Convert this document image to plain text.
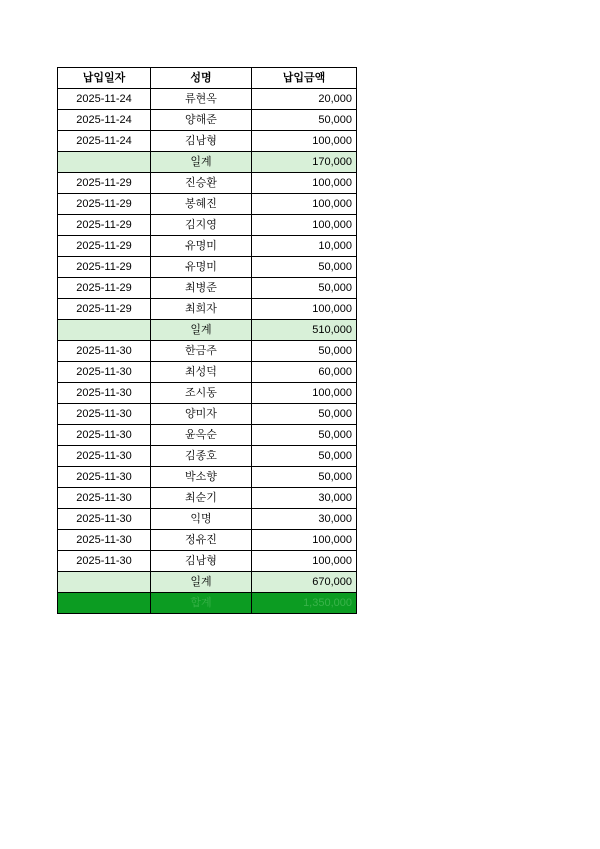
납입일자	성명	납입금액
2025-11-24	류현옥	20,000
2025-11-24	양해준	50,000
2025-11-24	김남형	100,000
	일계	170,000
2025-11-29	진승환	100,000
2025-11-29	봉혜진	100,000
2025-11-29	김지영	100,000
2025-11-29	유명미	10,000
2025-11-29	유명미	50,000
2025-11-29	최병준	50,000
2025-11-29	최희자	100,000
	일계	510,000
2025-11-30	한금주	50,000
2025-11-30	최성덕	60,000
2025-11-30	조시동	100,000
2025-11-30	양미자	50,000
2025-11-30	윤옥순	50,000
2025-11-30	김종호	50,000
2025-11-30	박소향	50,000
2025-11-30	최순기	30,000
2025-11-30	익명	30,000
2025-11-30	정유진	100,000
2025-11-30	김남형	100,000
	일계	670,000
	합계	1,350,000
